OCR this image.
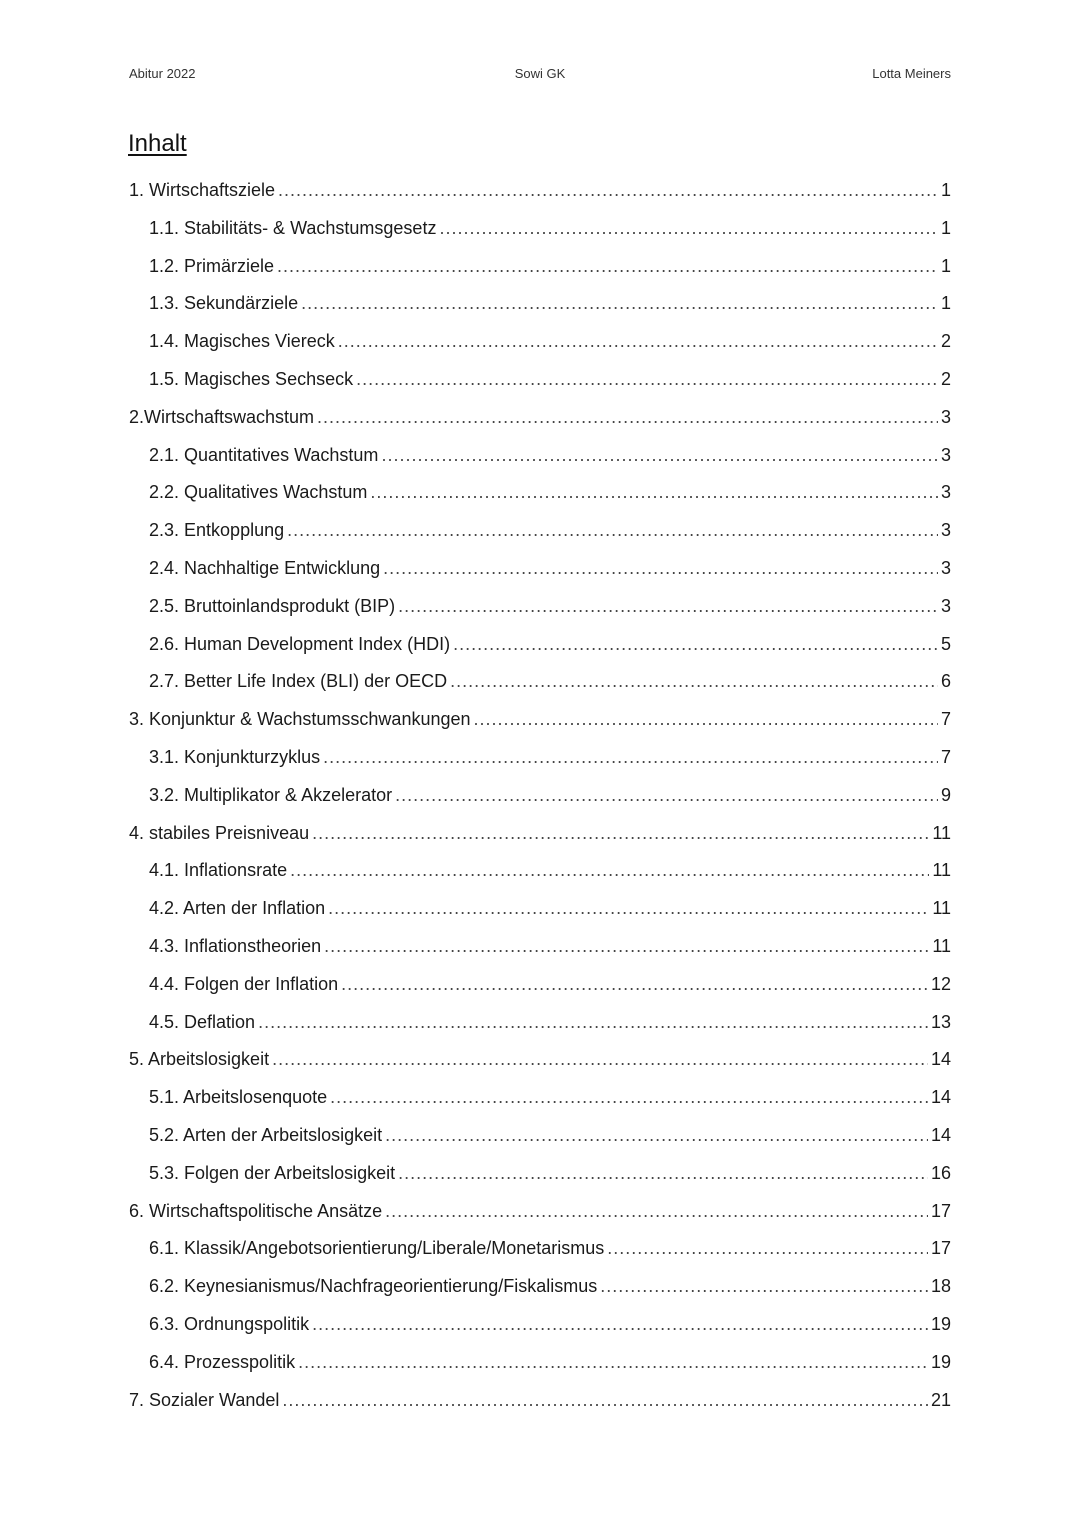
Abitur 2022	Sowi GK	Lotta Meiners
Inhalt
1. Wirtschaftsziele .....	1
1.1. Stabilitäts- & Wachstumsgesetz .....	1
1.2. Primärziele .....	1
1.3. Sekundärziele .....	1
1.4. Magisches Viereck .....	2
1.5. Magisches Sechseck .....	2
2.Wirtschaftswachstum .....	3
2.1. Quantitatives Wachstum .....	3
2.2. Qualitatives Wachstum .....	3
2.3. Entkopplung .....	3
2.4. Nachhaltige Entwicklung .....	3
2.5. Bruttoinlandsprodukt (BIP) .....	3
2.6. Human Development Index (HDI) .....	5
2.7. Better Life Index (BLI) der OECD .....	6
3. Konjunktur & Wachstumsschwankungen .....	7
3.1. Konjunkturzyklus .....	7
3.2. Multiplikator & Akzelerator .....	9
4. stabiles Preisniveau .....	11
4.1. Inflationsrate .....	11
4.2. Arten der Inflation .....	11
4.3. Inflationstheorien .....	11
4.4. Folgen der Inflation .....	12
4.5. Deflation .....	13
5. Arbeitslosigkeit .....	14
5.1. Arbeitslosenquote .....	14
5.2. Arten der Arbeitslosigkeit .....	14
5.3. Folgen der Arbeitslosigkeit .....	16
6. Wirtschaftspolitische Ansätze .....	17
6.1. Klassik/Angebotsorientierung/Liberale/Monetarismus .....	17
6.2. Keynesianismus/Nachfrageorientierung/Fiskalismus .....	18
6.3. Ordnungspolitik .....	19
6.4. Prozesspolitik .....	19
7. Sozialer Wandel .....	21
